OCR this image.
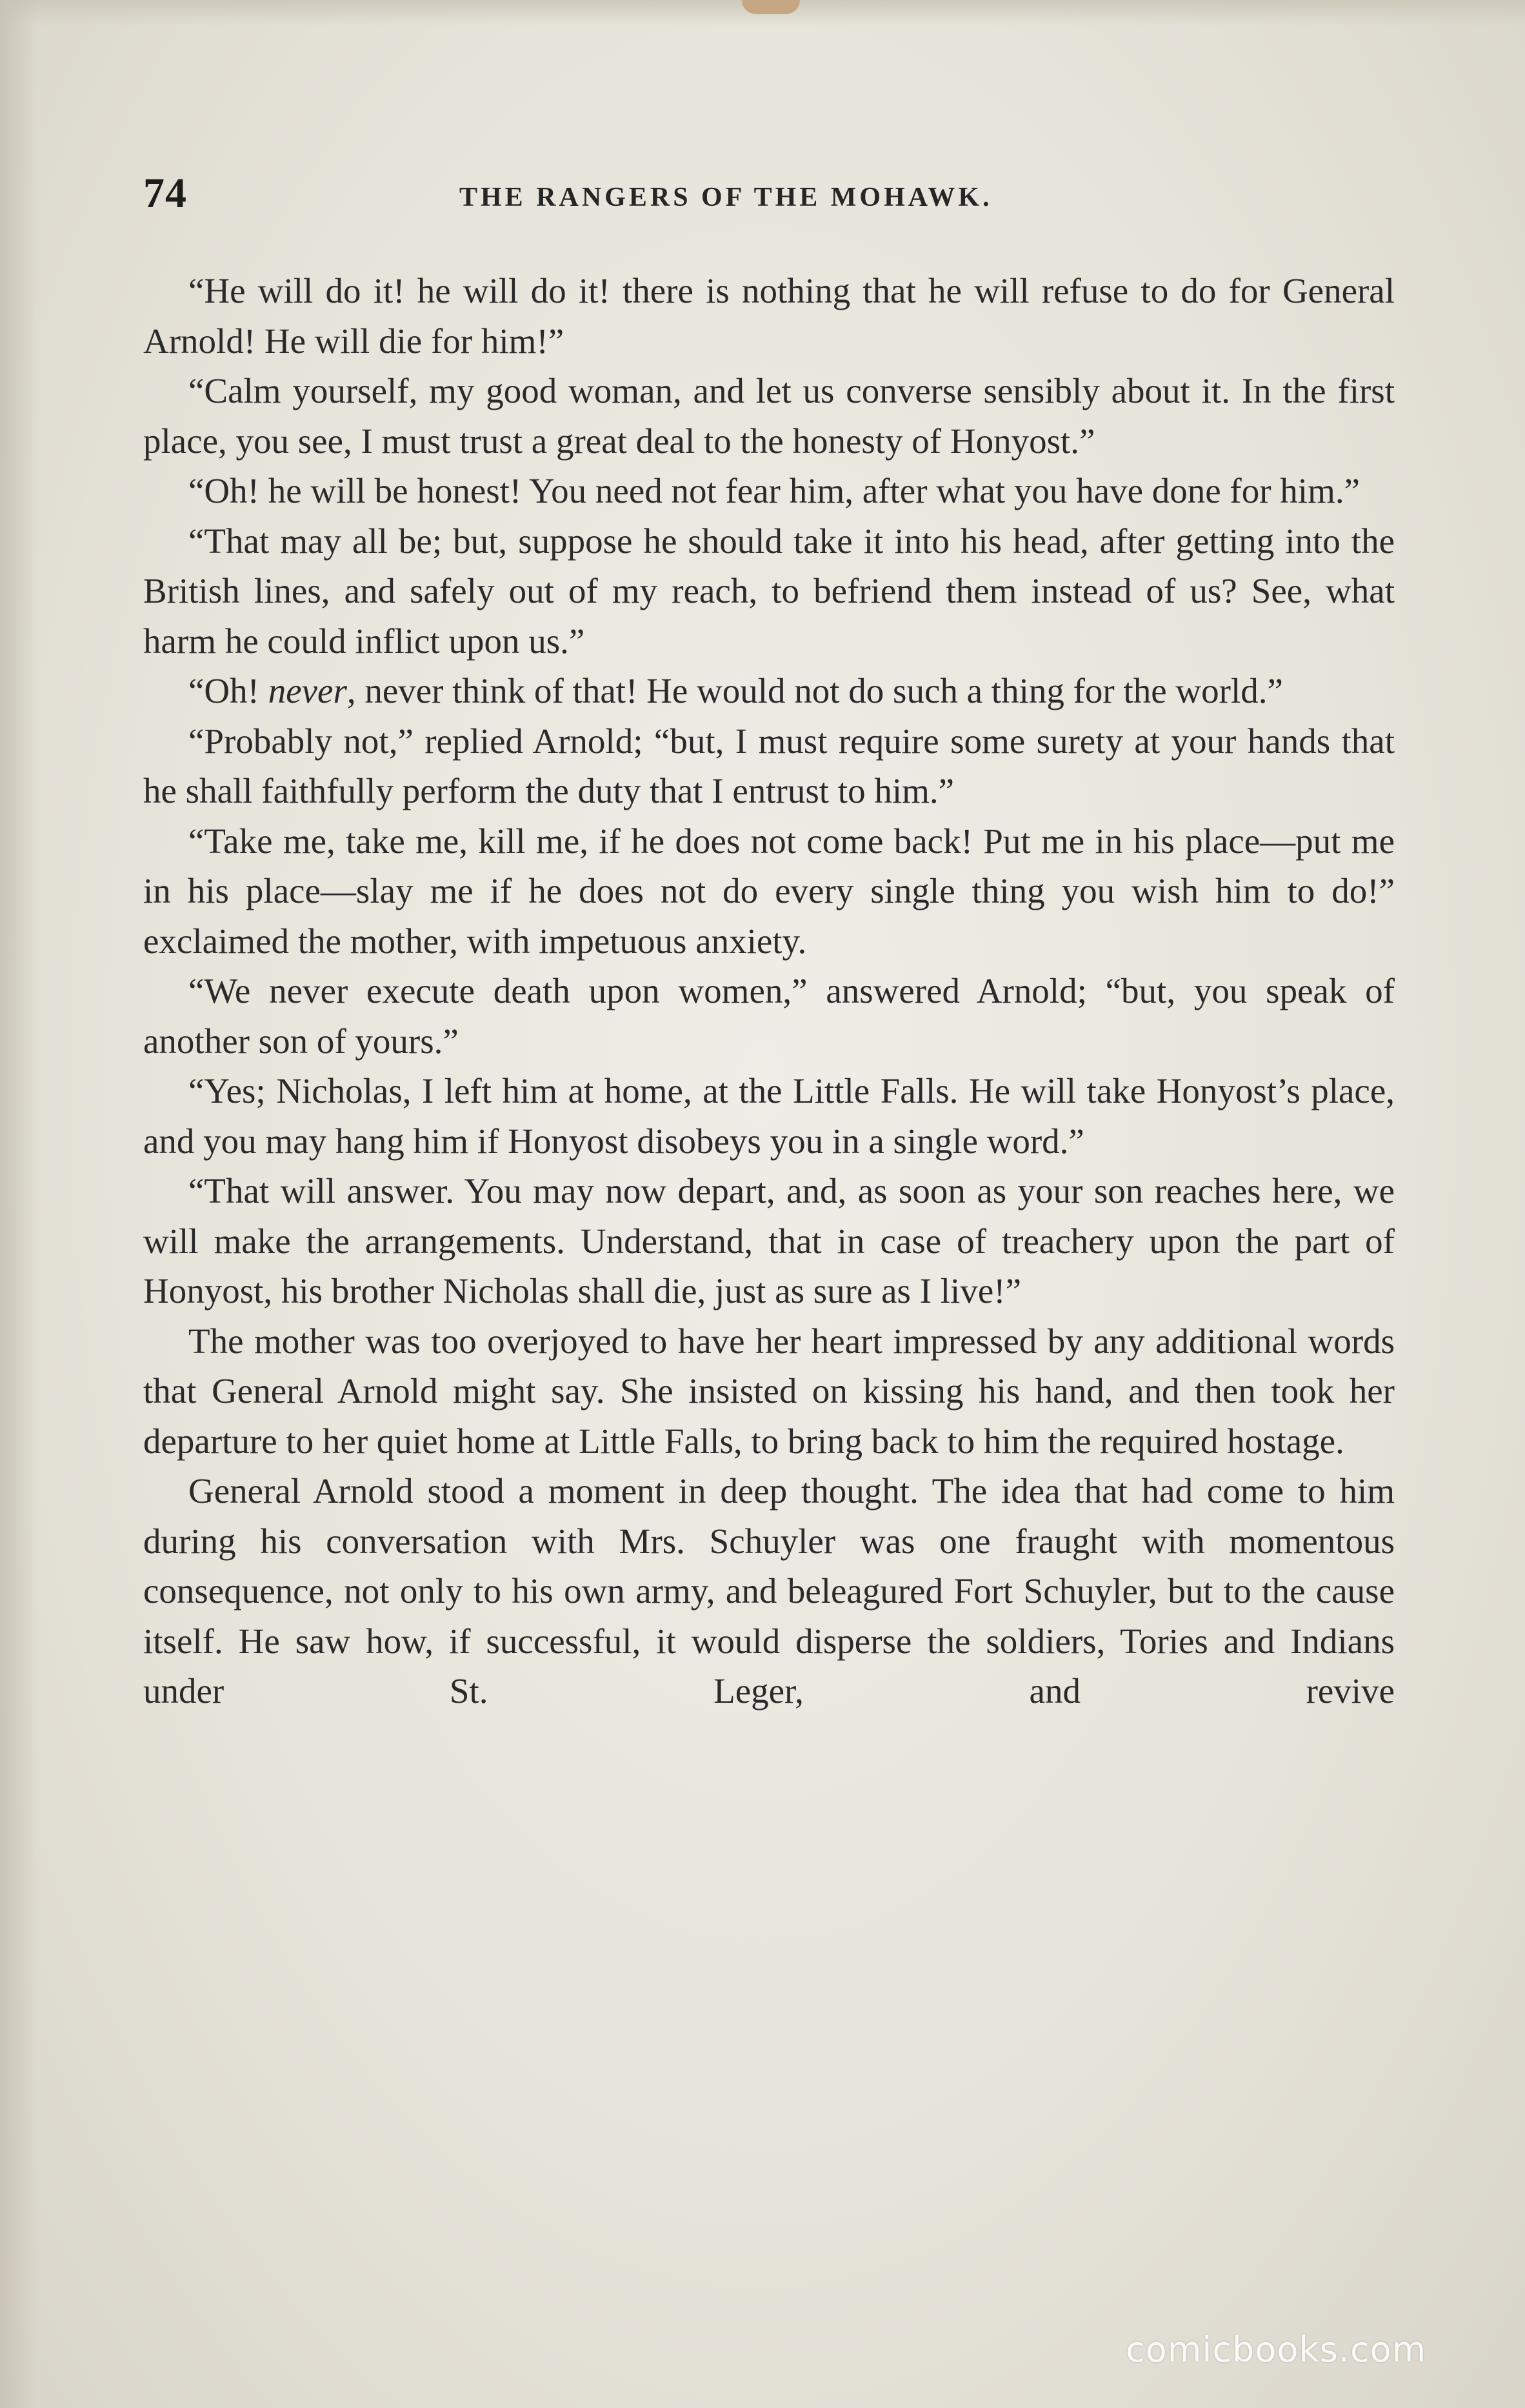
74	THE RANGERS OF THE MOHAWK.

“He will do it! he will do it! there is nothing that he will refuse to do for General Arnold! He will die for him!”

“Calm yourself, my good woman, and let us converse sensibly about it. In the first place, you see, I must trust a great deal to the honesty of Honyost.”

“Oh! he will be honest! You need not fear him, after what you have done for him.”

“That may all be; but, suppose he should take it into his head, after getting into the British lines, and safely out of my reach, to befriend them instead of us? See, what harm he could inflict upon us.”

“Oh! never, never think of that! He would not do such a thing for the world.”

“Probably not,” replied Arnold; “but, I must require some surety at your hands that he shall faithfully perform the duty that I entrust to him.”

“Take me, take me, kill me, if he does not come back! Put me in his place—put me in his place—slay me if he does not do every single thing you wish him to do!” exclaimed the mother, with impetuous anxiety.

“We never execute death upon women,” answered Arnold; “but, you speak of another son of yours.”

“Yes; Nicholas, I left him at home, at the Little Falls. He will take Honyost’s place, and you may hang him if Honyost disobeys you in a single word.”

“That will answer. You may now depart, and, as soon as your son reaches here, we will make the arrangements. Understand, that in case of treachery upon the part of Honyost, his brother Nicholas shall die, just as sure as I live!”

The mother was too overjoyed to have her heart impressed by any additional words that General Arnold might say. She insisted on kissing his hand, and then took her departure to her quiet home at Little Falls, to bring back to him the required hostage.

General Arnold stood a moment in deep thought. The idea that had come to him during his conversation with Mrs. Schuyler was one fraught with momentous consequence, not only to his own army, and beleagured Fort Schuyler, but to the cause itself. He saw how, if successful, it would disperse the soldiers, Tories and Indians under St. Leger, and revive

comicbooks.com
